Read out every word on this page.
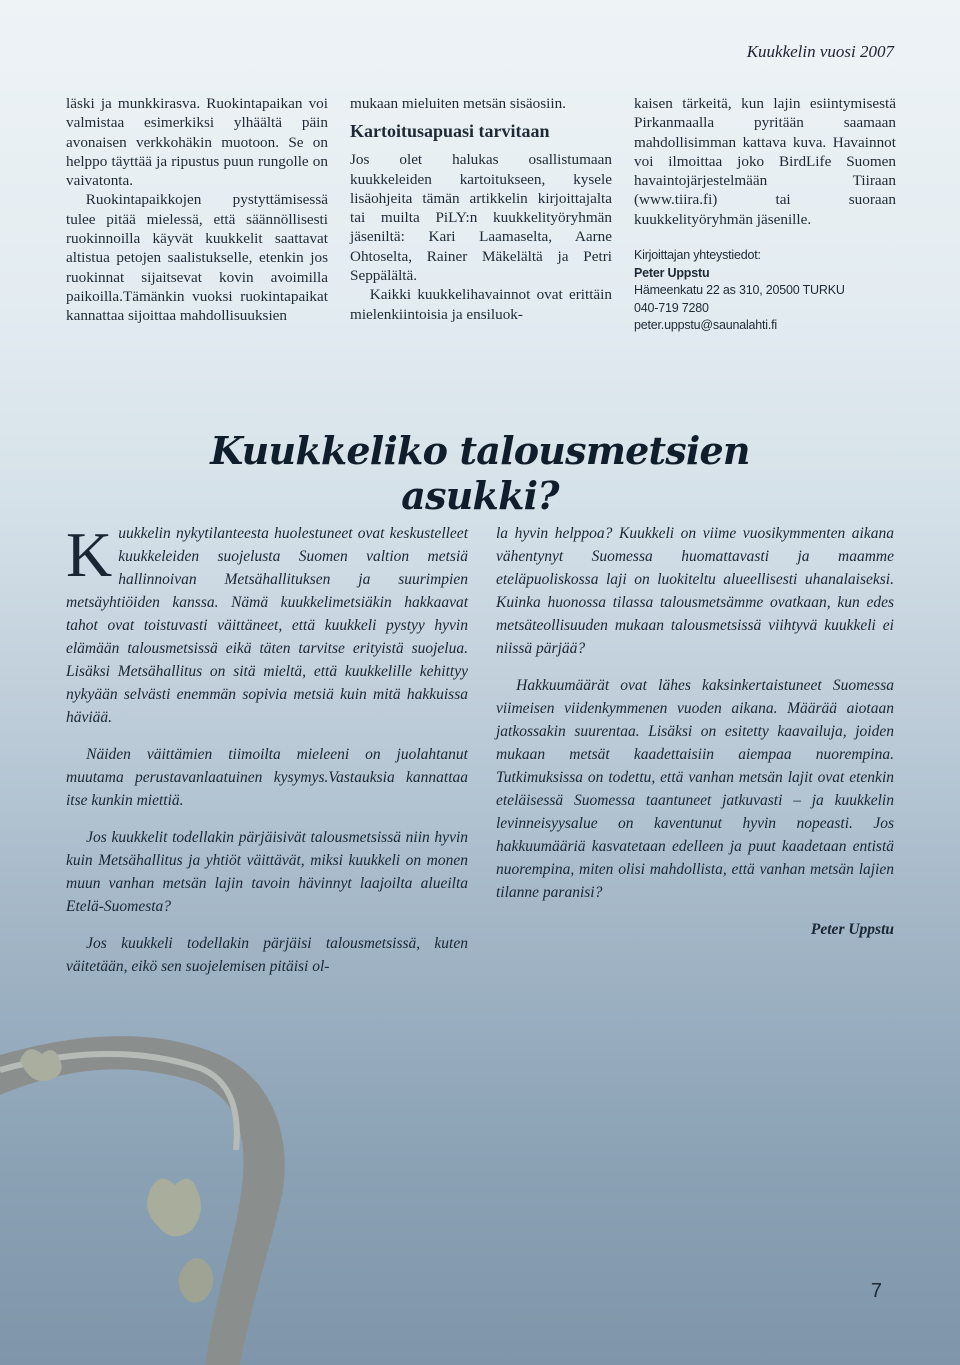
Kuukkelin vuosi 2007

läski ja munkkirasva. Ruokintapaikan voi valmistaa esimerkiksi ylhäältä päin avonaisen verkkohäkin muotoon. Se on helppo täyttää ja ripustus puun rungolle on vaivatonta.

Ruokintapaikkojen pystyttämisessä tulee pitää mielessä, että säännöllisesti ruokinnoilla käyvät kuukkelit saattavat altistua petojen saalistukselle, etenkin jos ruokinnat sijaitsevat kovin avoimilla paikoilla.Tämänkin vuoksi ruokintapaikat kannattaa sijoittaa mahdollisuuksien

mukaan mieluiten metsän sisäosiin.

Kartoitusapuasi tarvitaan

Jos olet halukas osallistumaan kuukkeleiden kartoitukseen, kysele lisäohjeita tämän artikkelin kirjoittajalta tai muilta PiLY:n kuukkelityöryhmän jäseniltä: Kari Laamaselta, Aarne Ohtoselta, Rainer Mäkelältä ja Petri Seppälältä.

Kaikki kuukkelihavainnot ovat erittäin mielenkiintoisia ja ensiluok-

kaisen tärkeitä, kun lajin esiintymisestä Pirkanmaalla pyritään saamaan mahdollisimman kattava kuva. Havainnot voi ilmoittaa joko BirdLife Suomen havaintojärjestelmään Tiiraan (www.tiira.fi) tai suoraan kuukkelityöryhmän jäsenille.

Kirjoittajan yhteystiedot:
Peter Uppstu
Hämeenkatu 22 as 310, 20500 TURKU
040-719 7280
peter.uppstu@saunalahti.fi
Kuukkeliko talousmetsien asukki?

Kuukkelin nykytilanteesta huolestuneet ovat keskustelleet kuukkeleiden suojelusta Suomen valtion metsiä hallinnoivan Metsähallituksen ja suurimpien metsäyhtiöiden kanssa. Nämä kuukkelimetsiäkin hakkaavat tahot ovat toistuvasti väittäneet, että kuukkeli pystyy hyvin elämään talousmetsissä eikä täten tarvitse erityistä suojelua. Lisäksi Metsähallitus on sitä mieltä, että kuukkelille kehittyy nykyään selvästi enemmän sopivia metsiä kuin mitä hakkuissa häviää.

Näiden väittämien tiimoilta mieleeni on juolahtanut muutama perustavanlaatuinen kysymys.Vastauksia kannattaa itse kunkin miettiä.

Jos kuukkelit todellakin pärjäisivät talousmetsissä niin hyvin kuin Metsähallitus ja yhtiöt väittävät, miksi kuukkeli on monen muun vanhan metsän lajin tavoin hävinnyt laajoilta alueilta Etelä-Suomesta?

Jos kuukkeli todellakin pärjäisi talousmetsissä, kuten väitetään, eikö sen suojelemisen pitäisi ol-

la hyvin helppoa? Kuukkeli on viime vuosikymmenten aikana vähentynyt Suomessa huomattavasti ja maamme eteläpuoliskossa laji on luokiteltu alueellisesti uhanalaiseksi. Kuinka huonossa tilassa talousmetsämme ovatkaan, kun edes metsäteollisuuden mukaan talousmetsissä viihtyvä kuukkeli ei niissä pärjää?

Hakkuumäärät ovat lähes kaksinkertaistuneet Suomessa viimeisen viidenkymmenen vuoden aikana. Määrää aiotaan jatkossakin suurentaa. Lisäksi on esitetty kaavailuja, joiden mukaan metsät kaadettaisiin aiempaa nuorempina. Tutkimuksissa on todettu, että vanhan metsän lajit ovat etenkin eteläisessä Suomessa taantuneet jatkuvasti – ja kuukkelin levinneisyysalue on kaventunut hyvin nopeasti. Jos hakkuumääriä kasvatetaan edelleen ja puut kaadetaan entistä nuorempina, miten olisi mahdollista, että vanhan metsän lajien tilanne paranisi?

Peter Uppstu

7
